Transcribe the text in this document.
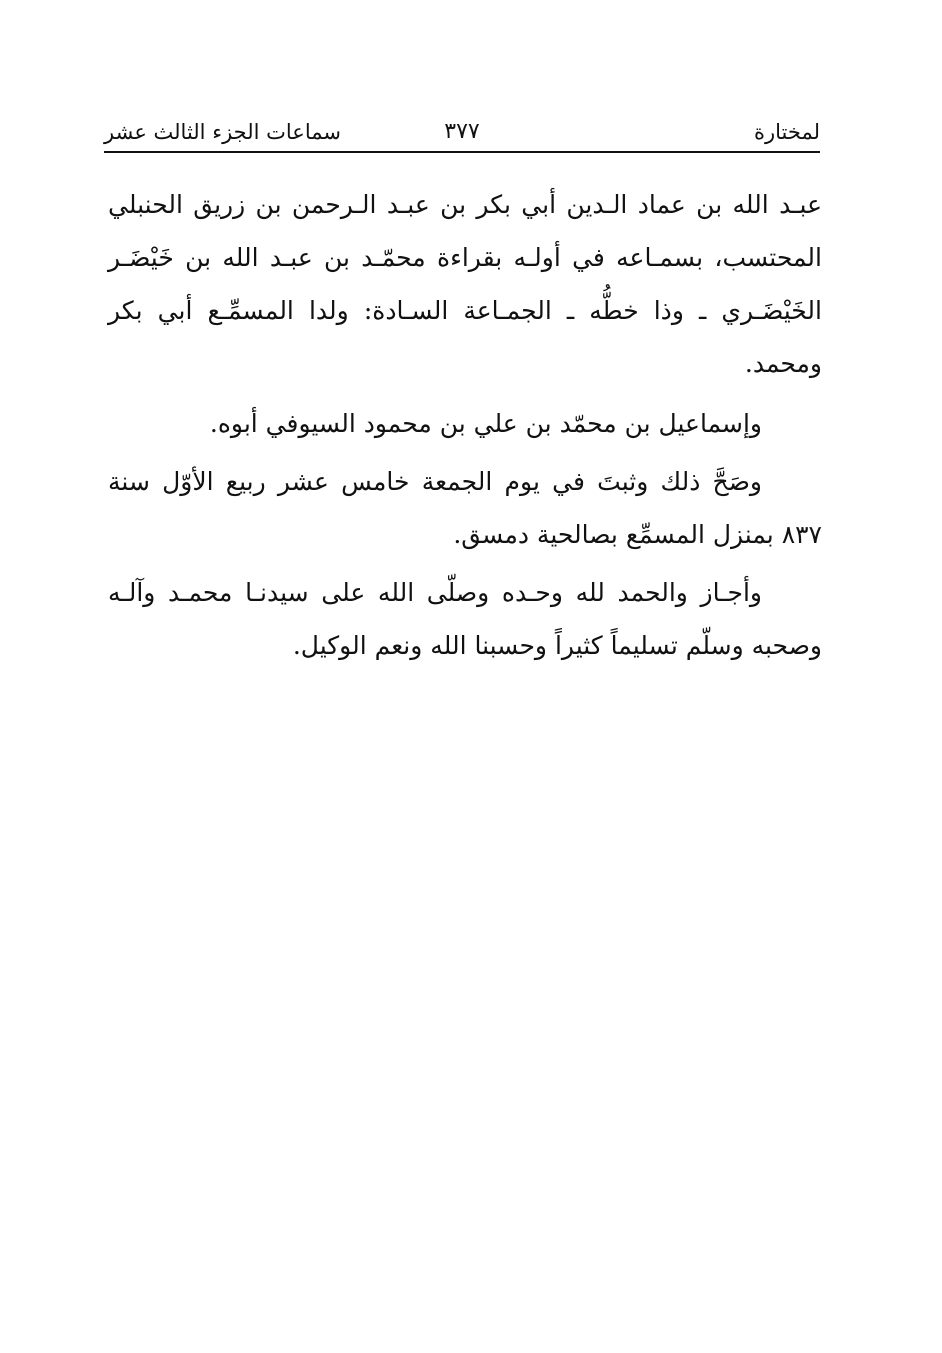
لمختارة
٣٧٧
سماعات الجزء الثالث عشر

عبـد الله بن عماد الـدين أبي بكر بن عبـد الـرحمن بن زريق الحنبلي المحتسب، بسمـاعه في أولـه بقراءة محمّـد بن عبـد الله بن خَيْضَـر الخَيْضَـري ـ وذا خطُّه ـ الجمـاعة السـادة: ولدا المسمِّـع أبي بكر ومحمد.

وإسماعيل بن محمّد بن علي بن محمود السيوفي أبوه.

وصَحَّ ذلك وثبتَ في يوم الجمعة خامس عشر ربيع الأوّل سنة ٨٣٧ بمنزل المسمِّع بصالحية دمسق.

وأجـاز والحمد لله وحـده وصلّى الله على سيدنـا محمـد وآلـه وصحبه وسلّم تسليماً كثيراً وحسبنا الله ونعم الوكيل.
